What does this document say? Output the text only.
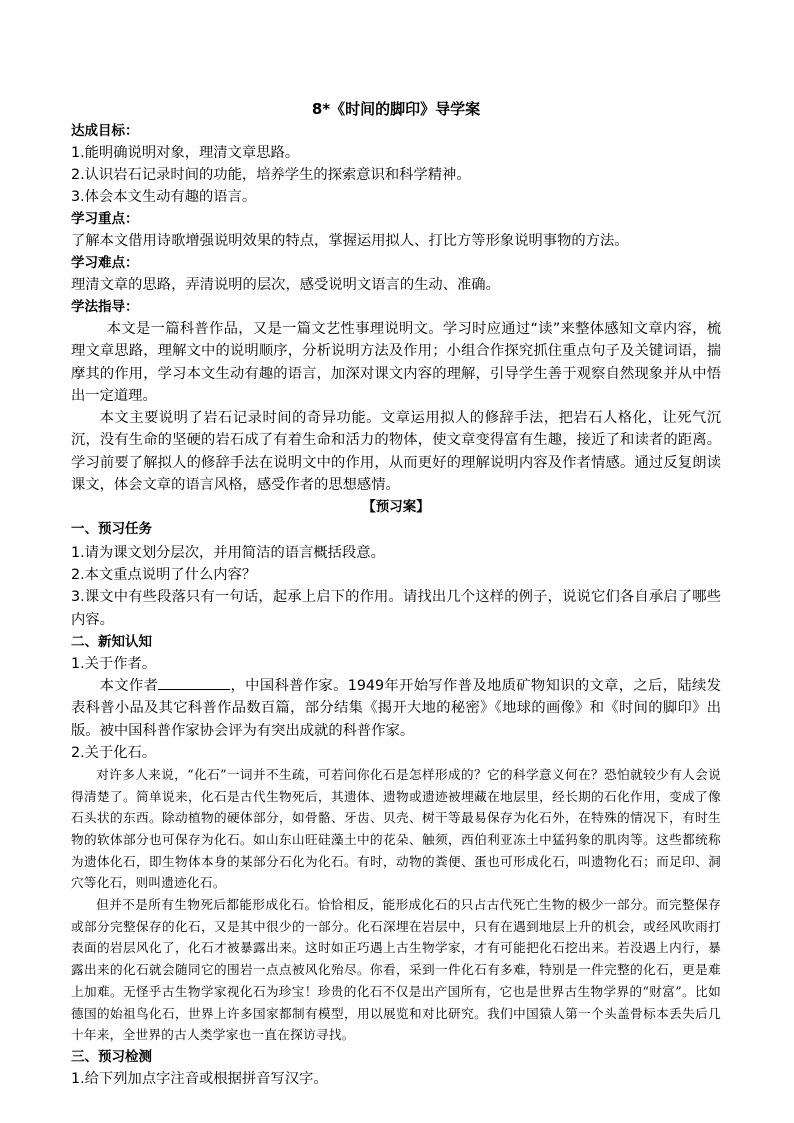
8*《时间的脚印》导学案

达成目标：

1.能明确说明对象，理清文章思路。

2.认识岩石记录时间的功能，培养学生的探索意识和科学精神。

3.体会本文生动有趣的语言。

学习重点：

了解本文借用诗歌增强说明效果的特点，掌握运用拟人、打比方等形象说明事物的方法。

学习难点：

理清文章的思路，弄清说明的层次，感受说明文语言的生动、准确。

学法指导：

本文是一篇科普作品，又是一篇文艺性事理说明文。学习时应通过“读”来整体感知文章内容，梳理文章思路，理解文中的说明顺序，分析说明方法及作用；小组合作探究抓住重点句子及关键词语，揣摩其的作用，学习本文生动有趣的语言，加深对课文内容的理解，引导学生善于观察自然现象并从中悟出一定道理。

本文主要说明了岩石记录时间的奇异功能。文章运用拟人的修辞手法，把岩石人格化，让死气沉沉，没有生命的坚硬的岩石成了有着生命和活力的物体，使文章变得富有生趣，接近了和读者的距离。学习前要了解拟人的修辞手法在说明文中的作用，从而更好的理解说明内容及作者情感。通过反复朗读课文，体会文章的语言风格，感受作者的思想感情。

【预习案】

一、预习任务

1.请为课文划分层次，并用简洁的语言概括段意。

2.本文重点说明了什么内容？

3.课文中有些段落只有一句话，起承上启下的作用。请找出几个这样的例子，说说它们各自承启了哪些内容。

二、新知认知

1.关于作者。

本文作者	，中国科普作家。1949年开始写作普及地质矿物知识的文章，之后，陆续发表科普小品及其它科普作品数百篇，部分结集《揭开大地的秘密》《地球的画像》和《时间的脚印》出版。被中国科普作家协会评为有突出成就的科普作家。

2.关于化石。

对许多人来说，“化石”一词并不生疏，可若问你化石是怎样形成的？它的科学意义何在？恐怕就较少有人会说得清楚了。简单说来，化石是古代生物死后，其遗体、遗物或遗迹被埋藏在地层里，经长期的石化作用，变成了像石头状的东西。除动植物的硬体部分，如骨骼、牙齿、贝壳、树干等最易保存为化石外，在特殊的情况下，有时生物的软体部分也可保存为化石。如山东山旺硅藻土中的花朵、触须，西伯利亚冻土中猛犸象的肌肉等。这些都统称为遗体化石，即生物体本身的某部分石化为化石。有时，动物的粪便、蛋也可形成化石，叫遗物化石；而足印、洞穴等化石，则叫遗迹化石。

但并不是所有生物死后都能形成化石。恰恰相反，能形成化石的只占古代死亡生物的极少一部分。而完整保存或部分完整保存的化石，又是其中很少的一部分。化石深埋在岩层中，只有在遇到地层上升的机会，或经风吹雨打表面的岩层风化了，化石才被暴露出来。这时如正巧遇上古生物学家，才有可能把化石挖出来。若没遇上内行，暴露出来的化石就会随同它的围岩一点点被风化殆尽。你看，采到一件化石有多难，特别是一件完整的化石，更是难上加难。无怪乎古生物学家视化石为珍宝！珍贵的化石不仅是出产国所有，它也是世界古生物学界的“财富”。比如德国的始祖鸟化石，世界上许多国家都制有模型，用以展览和对比研究。我们中国猿人第一个头盖骨标本丢失后几十年来，全世界的古人类学家也一直在探访寻找。

三、预习检测

1.给下列加点字注音或根据拼音写汉字。
